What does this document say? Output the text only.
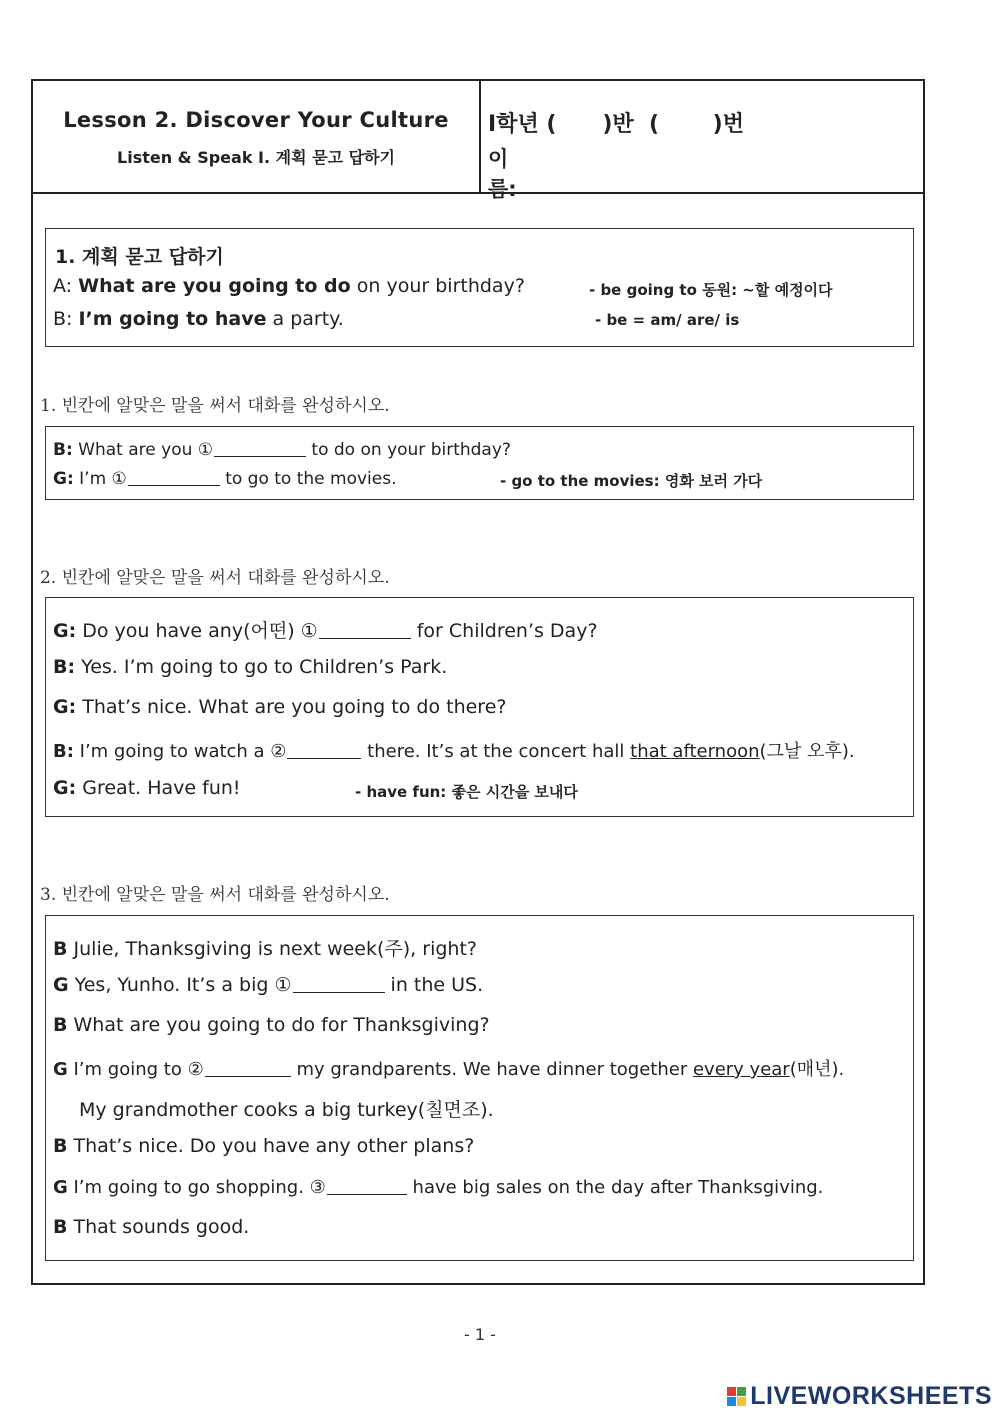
Lesson 2. Discover Your Culture
Listen & Speak Ⅰ. 계획 묻고 답하기
Ⅰ학년 (      )반  (       )번
이름:
1. 계획 묻고 답하기
A: What are you going to do on your birthday?
B: I’m going to have a party.
- be going to 동원: ~할 예정이다
- be = am/ are/ is
1. 빈칸에 알맞은 말을 써서 대화를 완성하시오.
B: What are you ①	to do on your birthday?
G: I’m ①	to go to the movies.	- go to the movies: 영화 보러 가다
2. 빈칸에 알맞은 말을 써서 대화를 완성하시오.
G: Do you have any(어떤) ①	for Children’s Day?
B: Yes. I’m going to go to Children’s Park.
G: That’s nice. What are you going to do there?
B: I’m going to watch a ②	there. It’s at the concert hall that afternoon(그날 오후).
G: Great. Have fun!	- have fun: 좋은 시간을 보내다
3. 빈칸에 알맞은 말을 써서 대화를 완성하시오.
B Julie, Thanksgiving is next week(주), right?
G Yes, Yunho. It’s a big ①	in the US.
B What are you going to do for Thanksgiving?
G I’m going to ②	my grandparents. We have dinner together every year(매년).
My grandmother cooks a big turkey(칠면조).
B That’s nice. Do you have any other plans?
G I’m going to go shopping. ③	have big sales on the day after Thanksgiving.
B That sounds good.
- 1 -
LIVEWORKSHEETS
